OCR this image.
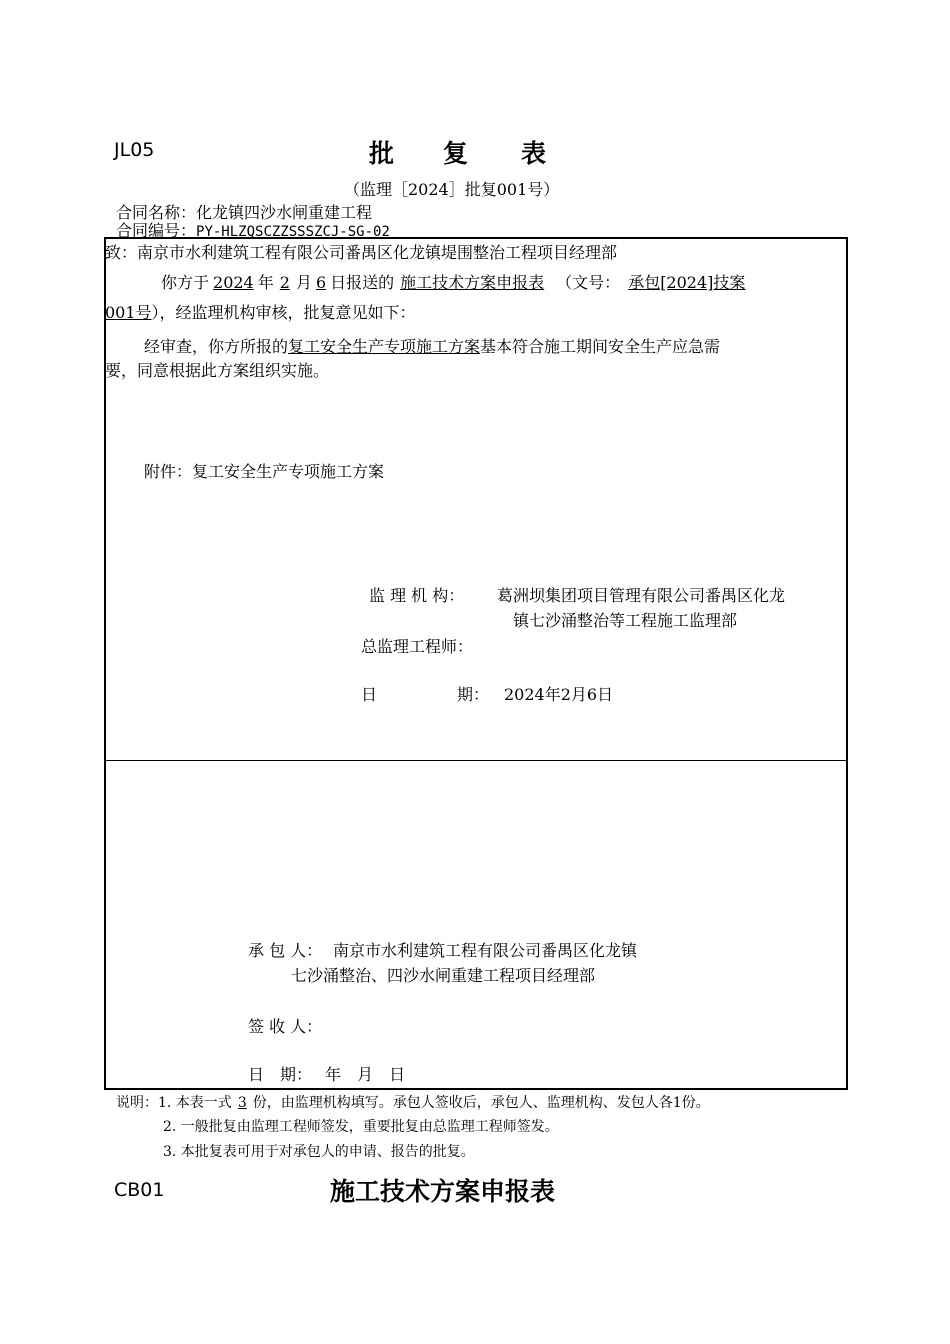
JL05	批 复 表
（监理［2024］批复001号）
合同名称：化龙镇四沙水闸重建工程
合同编号：PY-HLZQSCZZSSSZCJ-SG-02
致：南京市水利建筑工程有限公司番禺区化龙镇堤围整治工程项目经理部
你方于 2024 年 2 月 6 日报送的 施工技术方案申报表 （文号： 承包[2024]技案
001号），经监理机构审核，批复意见如下：
经审查，你方所报的复工安全生产专项施工方案基本符合施工期间安全生产应急需
要，同意根据此方案组织实施。
附件：复工安全生产专项施工方案
监 理 机 构： 葛洲坝集团项目管理有限公司番禺区化龙
镇七沙涌整治等工程施工监理部
总监理工程师：
日	期： 2024年2月6日
承 包 人： 南京市水利建筑工程有限公司番禺区化龙镇
七沙涌整治、四沙水闸重建工程项目经理部
签 收 人：
日　期：　 年　月　日
说明：1. 本表一式 3 份，由监理机构填写。承包人签收后，承包人、监理机构、发包人各1份。
2. 一般批复由监理工程师签发，重要批复由总监理工程师签发。
3. 本批复表可用于对承包人的申请、报告的批复。
CB01	施工技术方案申报表
